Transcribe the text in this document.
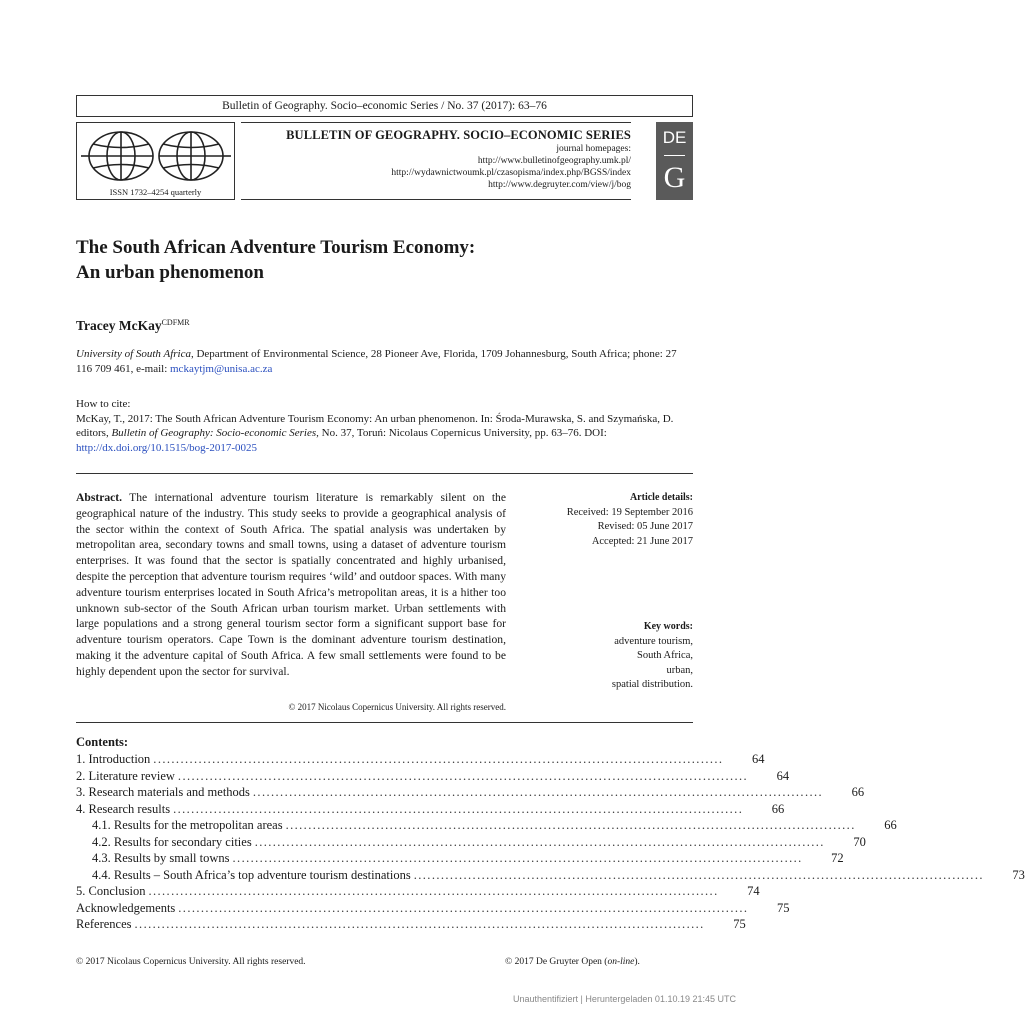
Bulletin of Geography. Socio–economic Series / No. 37 (2017): 63–76
ISSN 1732–4254 quarterly
BULLETIN OF GEOGRAPHY. SOCIO–ECONOMIC SERIES
journal homepages:
http://www.bulletinofgeography.umk.pl/
http://wydawnictwoumk.pl/czasopisma/index.php/BGSS/index
http://www.degruyter.com/view/j/bog
DE
G
The South African Adventure Tourism Economy:
An urban phenomenon
Tracey McKay$^{CDFMR}$

University of South Africa, Department of Environmental Science, 28 Pioneer Ave, Florida, 1709 Johannesburg, South Africa; phone: 27 116 709 461, e-mail: mckaytjm@unisa.ac.za

How to cite:

McKay, T., 2017: The South African Adventure Tourism Economy: An urban phenomenon. In: Środa-Murawska, S. and Szymańska, D. editors, Bulletin of Geography: Socio-economic Series, No. 37, Toruń: Nicolaus Copernicus University, pp. 63–76. DOI: http://dx.doi.org/10.1515/bog-2017-0025

Abstract. The international adventure tourism literature is remarkably silent on the geographical nature of the industry. This study seeks to provide a geographical analysis of the sector within the context of South Africa. The spatial analysis was undertaken by metropolitan area, secondary towns and small towns, using a dataset of adventure tourism enterprises. It was found that the sector is spatially concentrated and highly urbanised, despite the perception that adventure tourism requires ‘wild’ and outdoor spaces. With many adventure tourism enterprises located in South Africa’s metropolitan areas, it is a hither too unknown sub-sector of the South African urban tourism market. Urban settlements with large populations and a strong general tourism sector form a significant support base for adventure tourism operators. Cape Town is the dominant adventure tourism destination, making it the adventure capital of South Africa. A few small settlements were found to be highly dependent upon the sector for survival.

© 2017 Nicolaus Copernicus University. All rights reserved.
Article details:
Received: 19 September 2016
Revised: 05 June 2017
Accepted: 21 June 2017
Key words:
adventure tourism,
South Africa,
urban,
spatial distribution.
Contents:
1. Introduction ..............................................................................................................................	64
2. Literature review ..............................................................................................................................	64
3. Research materials and methods ..............................................................................................................................	66
4. Research results ..............................................................................................................................	66
4.1. Results for the metropolitan areas ..............................................................................................................................	66
4.2. Results for secondary cities ..............................................................................................................................	70
4.3. Results by small towns ..............................................................................................................................	72
4.4. Results – South Africa’s top adventure tourism destinations ..............................................................................................................................	73
5. Conclusion ..............................................................................................................................	74
Acknowledgements ..............................................................................................................................	75
References ..............................................................................................................................	75
© 2017 Nicolaus Copernicus University. All rights reserved.	© 2017 De Gruyter Open (on-line).
Unauthentifiziert | Heruntergeladen 01.10.19 21:45 UTC
